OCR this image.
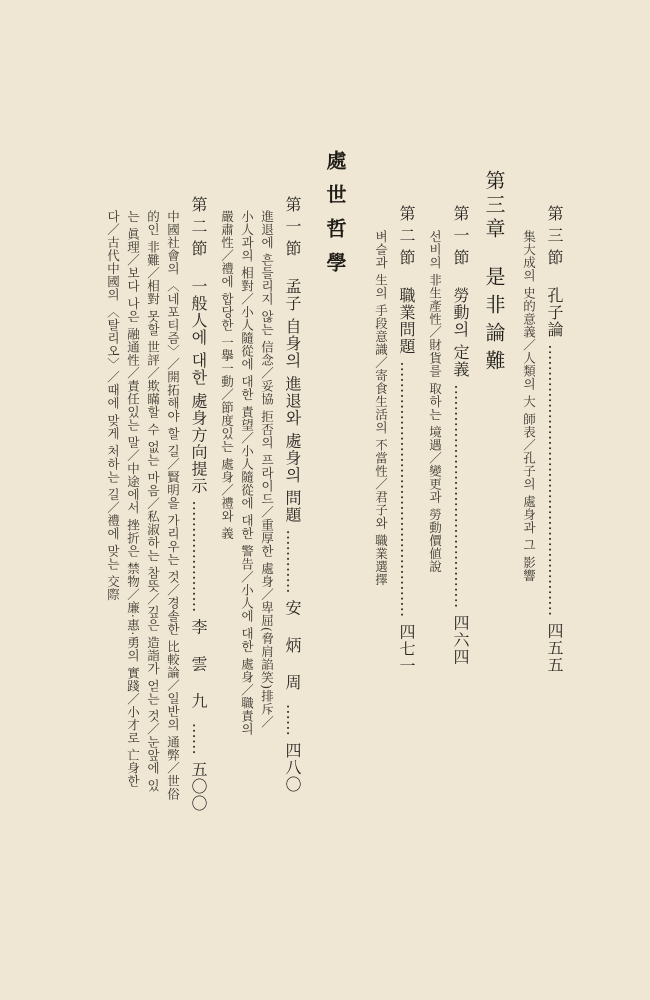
第三節 孔子論 …………………………………………… 四五五
集大成의 史的意義／人類의 大 師表／孔子의 處身과 그 影響
第三章 是非論難
第一節 勞動의 定義 …………………………………… 四六四
선비의 非生產性／財貨를 取하는 境遇／變更과 勞動價値說
第二節 職業問題 ………………………………………… 四七一
벼슬과 生의 手段意識／寄食生活의 不當性／君子와 職業選擇
處世哲學
第一節 孟子 自身의 進退와 處身의 問題 ………… 安 炳 周 …… 四八〇
進退에 흔들리지 않는 信念／妥協 拒否의 프라이드／重厚한 處身／卑屈(脅肩諂笑)排斥／
小人과의 相對／小人隨從에 대한 責望／小人隨從에 대한 警告／小人에 대한 處身／職責의
嚴肅性／禮에 합당한 一擧一動／節度있는 處身／禮와 義
第二節 一般人에 대한 處身方向提示 ………………… 李 雲 九 …… 五〇〇
中國社會의 〈네포티즘〉／開拓해야 할 길／賢明을 가리우는 것／경솔한 比較論／일반의 通弊／世俗
的인 非難／相對 못할 世評／欺瞞할 수 없는 마음／私淑하는 참뜻／깊은 造詣가 얻는 것／눈앞에 있
는 眞理／보다 나은 融通性／責任있는 말／中途에서 挫折은 禁物／廉·惠·勇의 實踐／小才로 亡身한
다／古代中國의 〈탈리오〉／때에 맞게 처하는 길／禮에 맞는 交際
